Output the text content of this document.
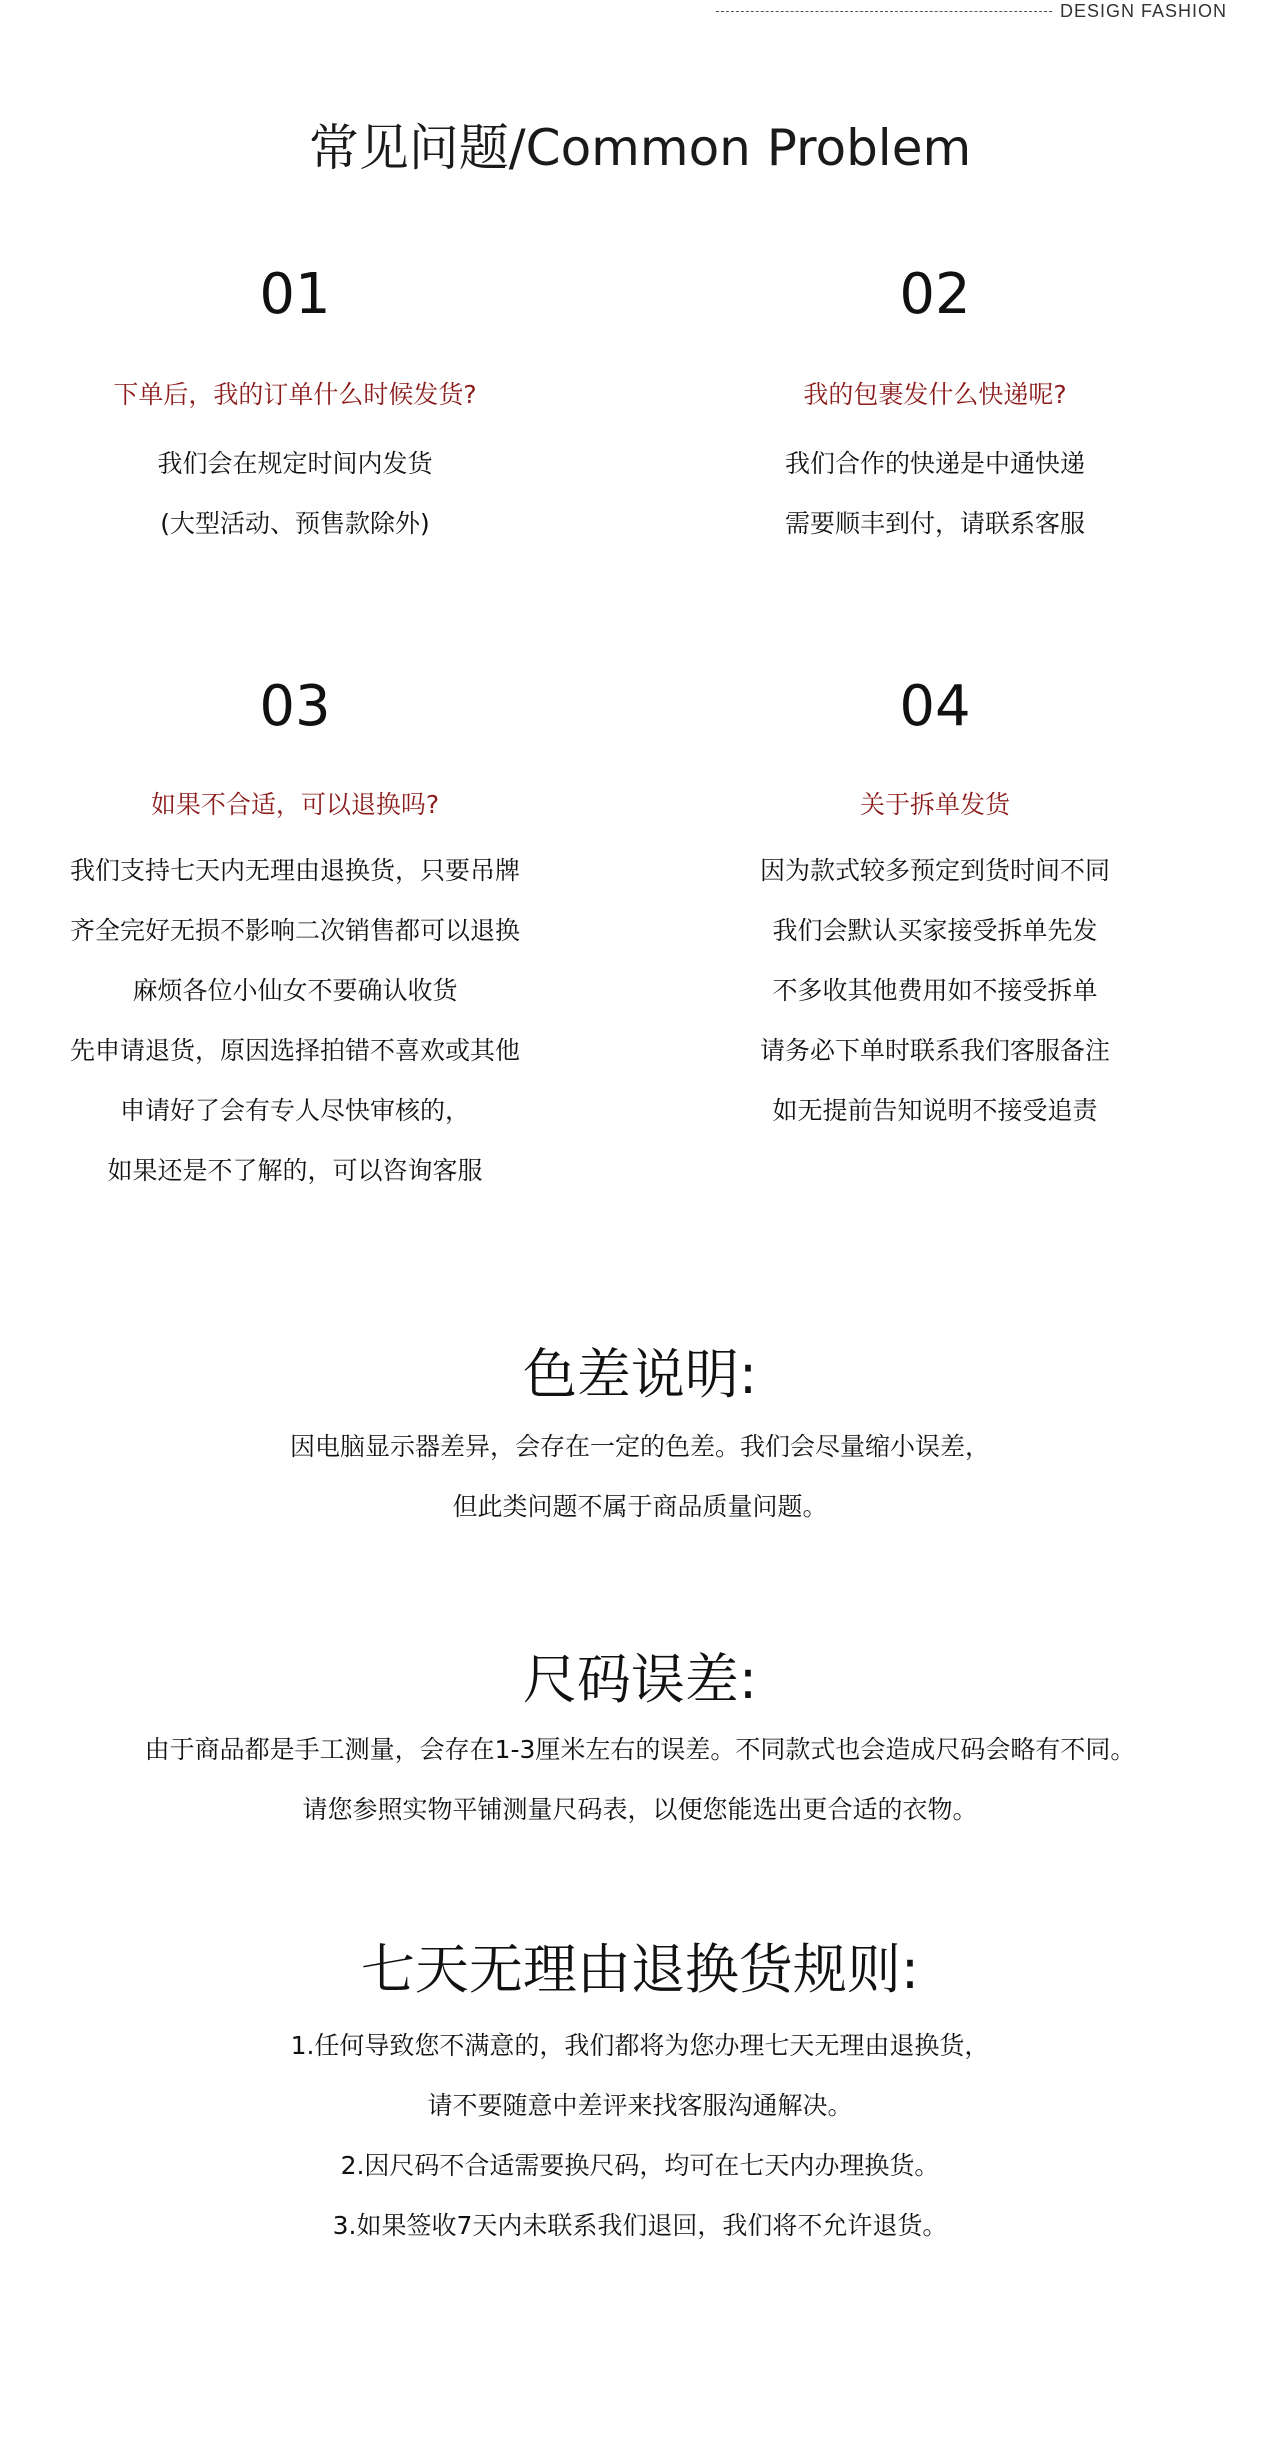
DESIGN FASHION
常见问题/Common Problem
01
下单后，我的订单什么时候发货?
我们会在规定时间内发货
(大型活动、预售款除外)
02
我的包裹发什么快递呢?
我们合作的快递是中通快递
需要顺丰到付，请联系客服
03
如果不合适，可以退换吗?
我们支持七天内无理由退换货，只要吊牌
齐全完好无损不影响二次销售都可以退换
麻烦各位小仙女不要确认收货
先申请退货，原因选择拍错不喜欢或其他
申请好了会有专人尽快审核的，
如果还是不了解的，可以咨询客服
04
关于拆单发货
因为款式较多预定到货时间不同
我们会默认买家接受拆单先发
不多收其他费用如不接受拆单
请务必下单时联系我们客服备注
如无提前告知说明不接受追责
色差说明:
因电脑显示器差异，会存在一定的色差。我们会尽量缩小误差，
但此类问题不属于商品质量问题。
尺码误差:
由于商品都是手工测量，会存在1-3厘米左右的误差。不同款式也会造成尺码会略有不同。
请您参照实物平铺测量尺码表，以便您能选出更合适的衣物。
七天无理由退换货规则:
1.任何导致您不满意的，我们都将为您办理七天无理由退换货，
请不要随意中差评来找客服沟通解决。
2.因尺码不合适需要换尺码，均可在七天内办理换货。
3.如果签收7天内未联系我们退回，我们将不允许退货。
